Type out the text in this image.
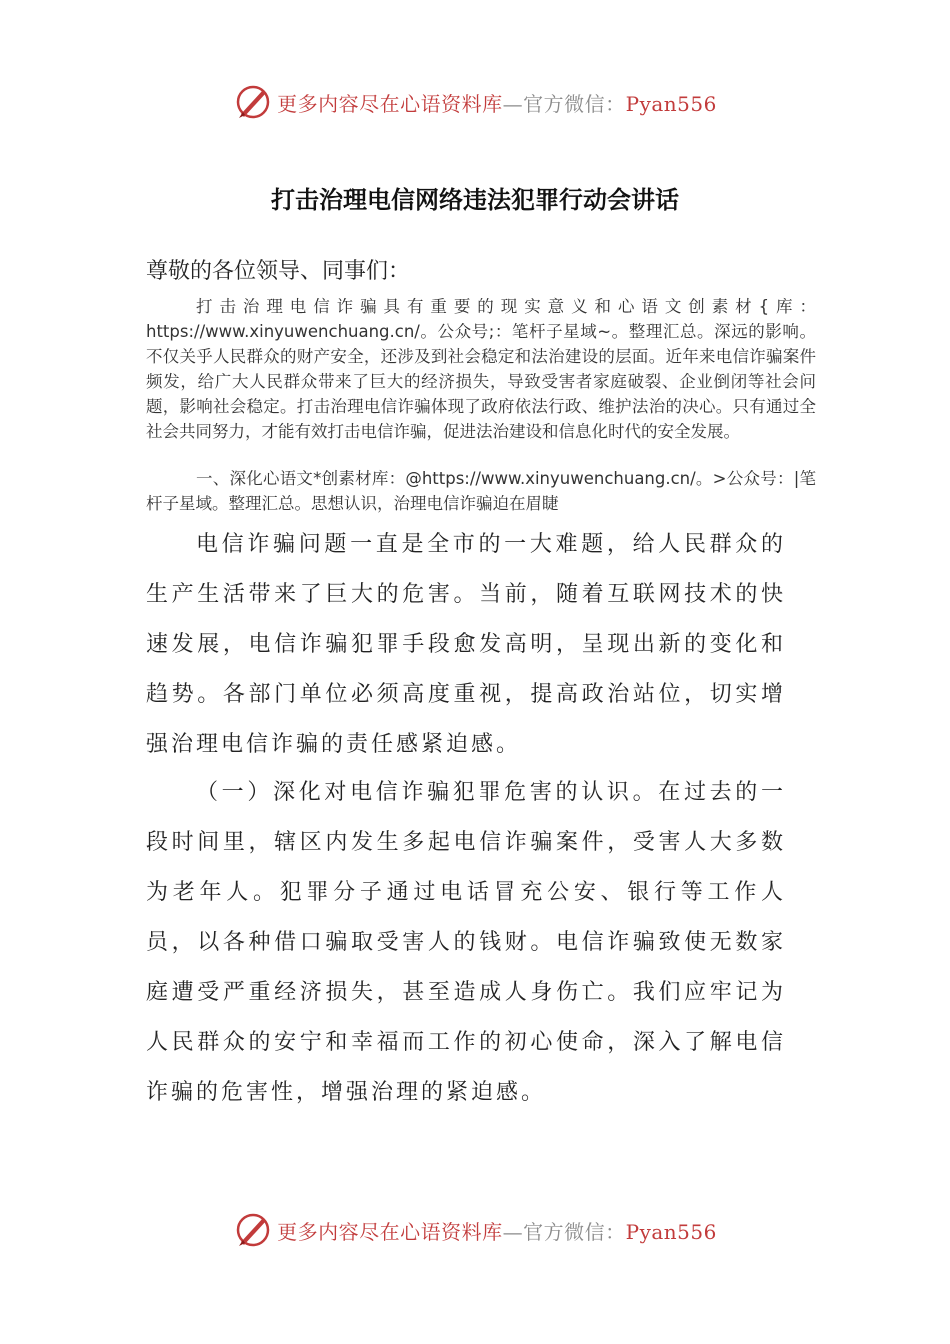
更多内容尽在心语资料库—官方微信：Pyan556
打击治理电信网络违法犯罪行动会讲话
尊敬的各位领导、同事们：
打击治理电信诈骗具有重要的现实意义和心语文创素材{库：https://www.xinyuwenchuang.cn/。公众号;：笔杆子星域~。整理汇总。深远的影响。不仅关乎人民群众的财产安全，还涉及到社会稳定和法治建设的层面。近年来电信诈骗案件频发，给广大人民群众带来了巨大的经济损失，导致受害者家庭破裂、企业倒闭等社会问题，影响社会稳定。打击治理电信诈骗体现了政府依法行政、维护法治的决心。只有通过全社会共同努力，才能有效打击电信诈骗，促进法治建设和信息化时代的安全发展。
一、深化心语文*创素材库：@https://www.xinyuwenchuang.cn/。>公众号：|笔杆子星域。整理汇总。思想认识，治理电信诈骗迫在眉睫
电信诈骗问题一直是全市的一大难题，给人民群众的生产生活带来了巨大的危害。当前，随着互联网技术的快速发展，电信诈骗犯罪手段愈发高明，呈现出新的变化和趋势。各部门单位必须高度重视，提高政治站位，切实增强治理电信诈骗的责任感紧迫感。
（一）深化对电信诈骗犯罪危害的认识。在过去的一段时间里，辖区内发生多起电信诈骗案件，受害人大多数为老年人。犯罪分子通过电话冒充公安、银行等工作人员，以各种借口骗取受害人的钱财。电信诈骗致使无数家庭遭受严重经济损失，甚至造成人身伤亡。我们应牢记为人民群众的安宁和幸福而工作的初心使命，深入了解电信诈骗的危害性，增强治理的紧迫感。
更多内容尽在心语资料库—官方微信：Pyan556
